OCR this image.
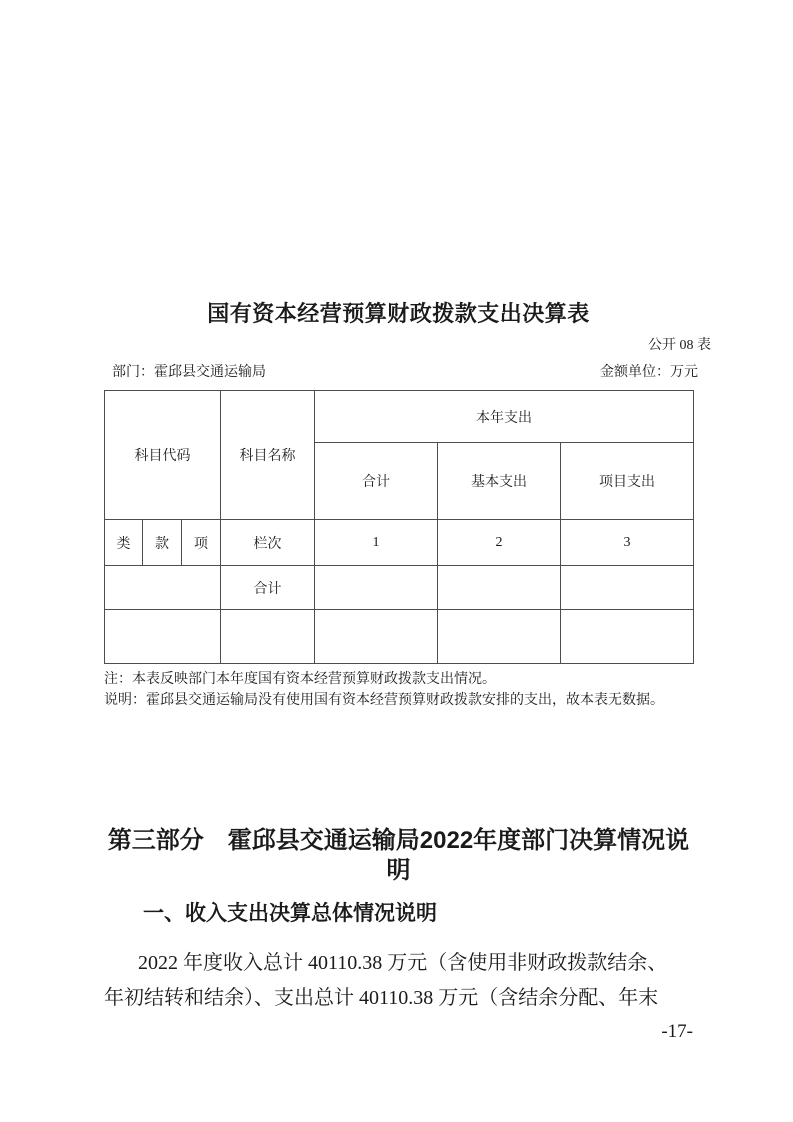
国有资本经营预算财政拨款支出决算表
公开 08 表
部门：霍邱县交通运输局	金额单位：万元
科目代码			科目名称	本年支出		
				合计	基本支出	项目支出
类	款	项	栏次	1	2	3
			合计			

注：本表反映部门本年度国有资本经营预算财政拨款支出情况。
说明：霍邱县交通运输局没有使用国有资本经营预算财政拨款安排的支出，故本表无数据。
第三部分　霍邱县交通运输局2022年度部门决算情况说明
一、收入支出决算总体情况说明
2022 年度收入总计 40110.38 万元（含使用非财政拨款结余、
年初结转和结余）、支出总计 40110.38 万元（含结余分配、年末
-17-
